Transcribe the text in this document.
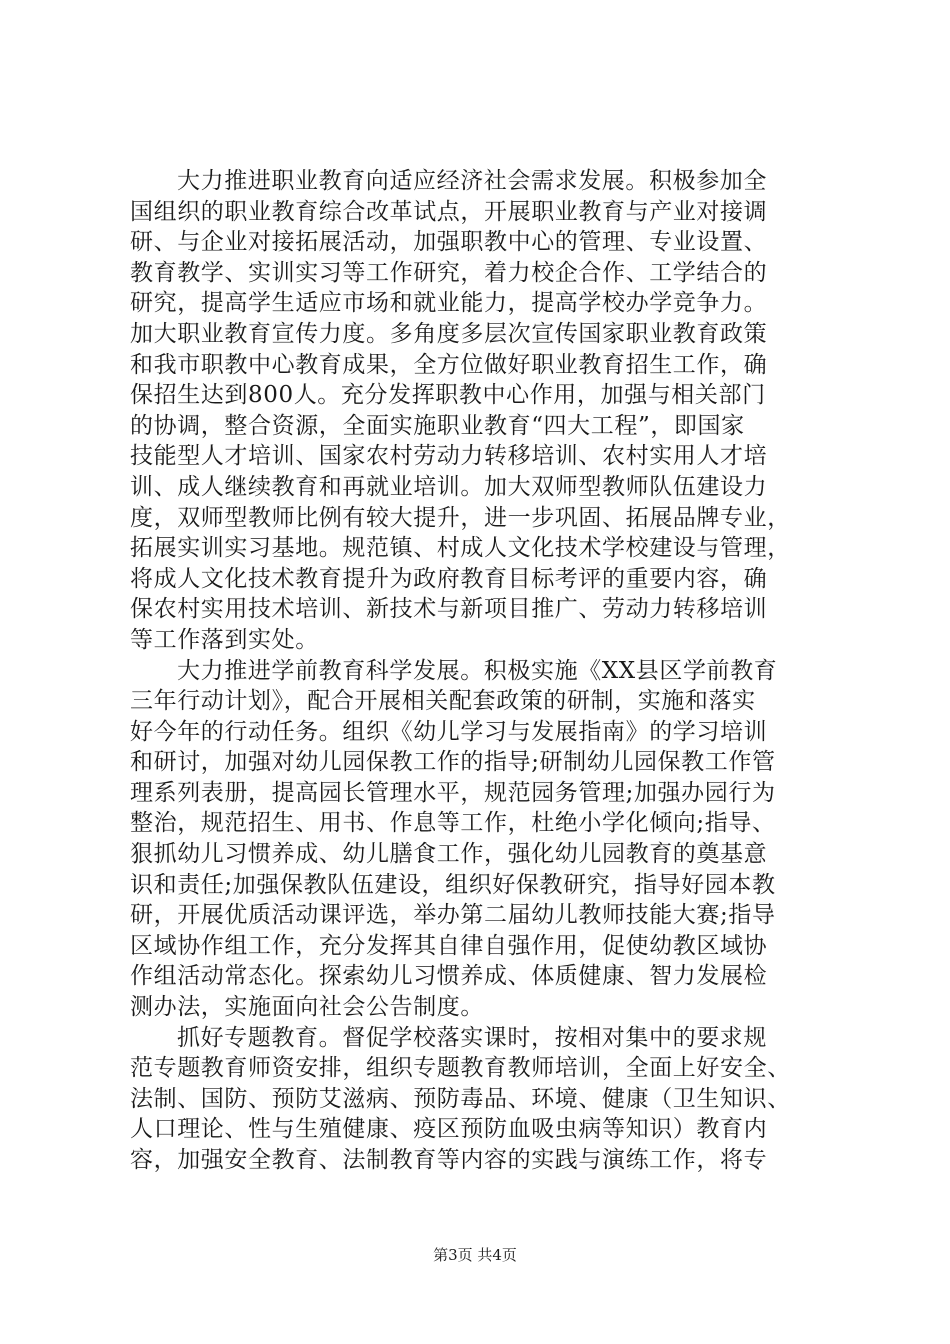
大力推进职业教育向适应经济社会需求发展。积极参加全
国组织的职业教育综合改革试点，开展职业教育与产业对接调
研、与企业对接拓展活动，加强职教中心的管理、专业设置、
教育教学、实训实习等工作研究，着力校企合作、工学结合的
研究，提高学生适应市场和就业能力，提高学校办学竞争力。
加大职业教育宣传力度。多角度多层次宣传国家职业教育政策
和我市职教中心教育成果，全方位做好职业教育招生工作，确
保招生达到800人。充分发挥职教中心作用，加强与相关部门
的协调，整合资源，全面实施职业教育“四大工程”，即国家
技能型人才培训、国家农村劳动力转移培训、农村实用人才培
训、成人继续教育和再就业培训。加大双师型教师队伍建设力
度，双师型教师比例有较大提升，进一步巩固、拓展品牌专业，
拓展实训实习基地。规范镇、村成人文化技术学校建设与管理，
将成人文化技术教育提升为政府教育目标考评的重要内容，确
保农村实用技术培训、新技术与新项目推广、劳动力转移培训
等工作落到实处。
大力推进学前教育科学发展。积极实施《XX县区学前教育
三年行动计划》，配合开展相关配套政策的研制，实施和落实
好今年的行动任务。组织《幼儿学习与发展指南》的学习培训
和研讨，加强对幼儿园保教工作的指导;研制幼儿园保教工作管
理系列表册，提高园长管理水平，规范园务管理;加强办园行为
整治，规范招生、用书、作息等工作，杜绝小学化倾向;指导、
狠抓幼儿习惯养成、幼儿膳食工作，强化幼儿园教育的奠基意
识和责任;加强保教队伍建设，组织好保教研究，指导好园本教
研，开展优质活动课评选，举办第二届幼儿教师技能大赛;指导
区域协作组工作，充分发挥其自律自强作用，促使幼教区域协
作组活动常态化。探索幼儿习惯养成、体质健康、智力发展检
测办法，实施面向社会公告制度。
抓好专题教育。督促学校落实课时，按相对集中的要求规
范专题教育师资安排，组织专题教育教师培训，全面上好安全、
法制、国防、预防艾滋病、预防毒品、环境、健康（卫生知识、
人口理论、性与生殖健康、疫区预防血吸虫病等知识）教育内
容，加强安全教育、法制教育等内容的实践与演练工作，将专
第3页 共4页
